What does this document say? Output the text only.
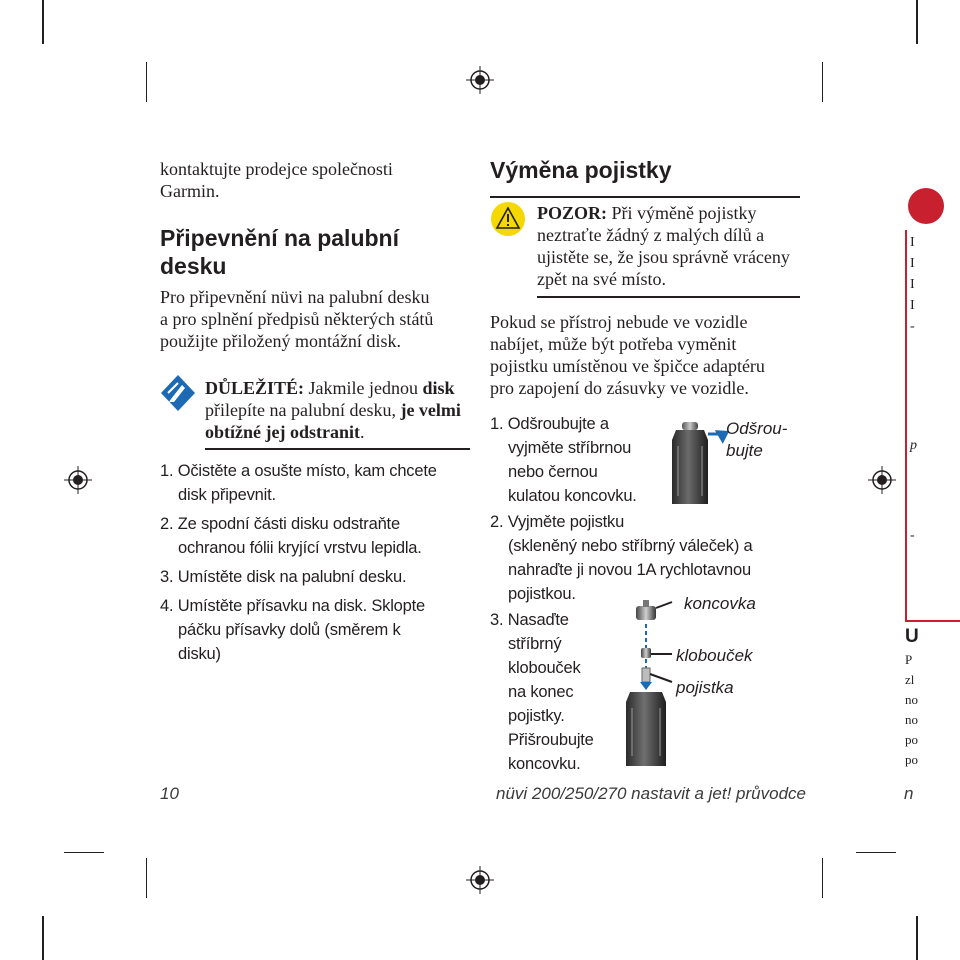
kontaktujte prodejce společnosti
Garmin.
Připevnění na palubní
desku
Pro připevnění nüvi na palubní desku
a pro splnění předpisů některých států
použijte přiložený montážní disk.
DŮLEŽITÉ: Jakmile jednou disk
přilepíte na palubní desku, je velmi
obtížné jej odstranit.
1. Očistěte a osušte místo, kam chcete
disk připevnit.
2. Ze spodní části disku odstraňte
ochranou fólii kryjící vrstvu lepidla.
3. Umístěte disk na palubní desku.
4. Umístěte přísavku na disk. Sklopte
páčku přísavky dolů (směrem k
disku)
10
Výměna pojistky
POZOR: Při výměně pojistky
neztraťte žádný z malých dílů a
ujistěte se, že jsou správně vráceny
zpět na své místo.
Pokud se přístroj nebude ve vozidle
nabíjet, může být potřeba vyměnit
pojistku umístěnou ve špičce adaptéru
pro zapojení do zásuvky ve vozidle.
1. Odšroubujte a
vyjměte stříbrnou
nebo černou
kulatou koncovku.
Odšrou-
bujte
2. Vyjměte pojistku
(skleněný nebo stříbrný váleček) a
nahraďte ji novou 1A rychlotavnou
pojistkou.
3. Nasaďte
stříbrný
klobouček
na konec
pojistky.
Přišroubujte
koncovku.
koncovka
klobouček
pojistka
nüvi 200/250/270 nastavit a jet! průvodce
I
I
I
I
-
p
-
U
P
zl
no
no
po
po
n
